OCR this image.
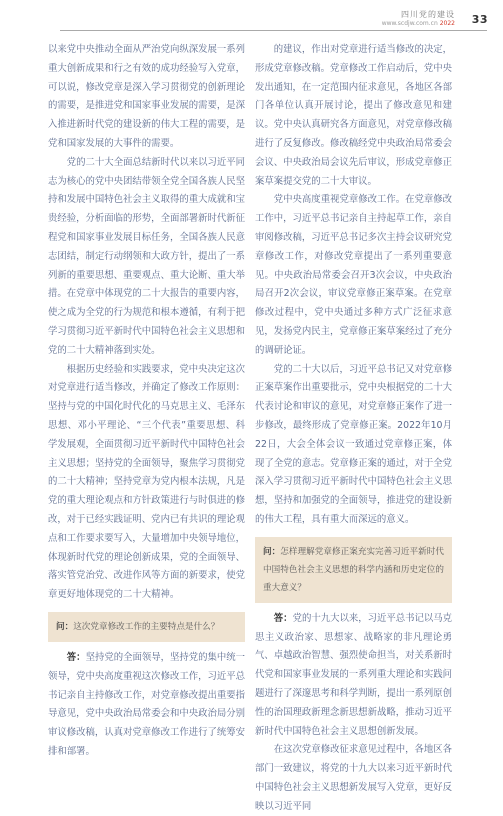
四川党的建设
www.scdjw.com.cn 2022 33

以来党中央推动全面从严治党向纵深发展一系列重大创新成果和行之有效的成功经验写入党章，可以说，修改党章是深入学习贯彻党的创新理论的需要，是推进党和国家事业发展的需要，是深入推进新时代党的建设新的伟大工程的需要，是党和国家发展的大事件的需要。

党的二十大全面总结新时代以来以习近平同志为核心的党中央团结带领全党全国各族人民坚持和发展中国特色社会主义取得的重大成就和宝贵经验，分析面临的形势，全面部署新时代新征程党和国家事业发展目标任务，全国各族人民意志团结，制定行动纲领和大政方针，提出了一系列新的重要思想、重要观点、重大论断、重大举措。在党章中体现党的二十大报告的重要内容，使之成为全党的行为规范和根本遵循，有利于把学习贯彻习近平新时代中国特色社会主义思想和党的二十大精神落到实处。

根据历史经验和实践要求，党中央决定这次对党章进行适当修改，并确定了修改工作原则：坚持与党的中国化时代化的马克思主义、毛泽东思想、邓小平理论、“三个代表”重要思想、科学发展观，全面贯彻习近平新时代中国特色社会主义思想；坚持党的全面领导，聚焦学习贯彻党的二十大精神；坚持党章为党内根本法规，凡是党的重大理论观点和方针政策进行与时俱进的修改，对于已经实践证明、党内已有共识的理论观点和工作要求要写入，大量增加中央领导地位，体现新时代党的理论创新成果，党的全面领导、落实管党治党、改进作风等方面的新要求，使党章更好地体现党的二十大精神。

问：这次党章修改工作的主要特点是什么？

答：坚持党的全面领导，坚持党的集中统一领导，党中央高度重视这次修改工作，习近平总书记亲自主持修改工作，对党章修改提出重要指导意见，党中央政治局常委会和中央政治局分别审议修改稿，认真对党章修改工作进行了统筹安排和部署。

的建议，作出对党章进行适当修改的决定，形成党章修改稿。党章修改工作启动后，党中央发出通知，在一定范围内征求意见，各地区各部门各单位认真开展讨论，提出了修改意见和建议。党中央认真研究各方面意见，对党章修改稿进行了反复修改。修改稿经党中央政治局常委会会议、中央政治局会议先后审议，形成党章修正案草案提交党的二十大审议。

党中央高度重视党章修改工作。在党章修改工作中，习近平总书记亲自主持起草工作，亲自审阅修改稿，习近平总书记多次主持会议研究党章修改工作，对修改党章提出了一系列重要意见。中央政治局常委会召开3次会议，中央政治局召开2次会议，审议党章修正案草案。在党章修改过程中，党中央通过多种方式广泛征求意见，发扬党内民主，党章修正案草案经过了充分的调研论证。

党的二十大以后，习近平总书记又对党章修正案草案作出重要批示，党中央根据党的二十大代表讨论和审议的意见，对党章修正案作了进一步修改，最终形成了党章修正案。2022年10月22日，大会全体会议一致通过党章修正案，体现了全党的意志。党章修正案的通过，对于全党深入学习贯彻习近平新时代中国特色社会主义思想，坚持和加强党的全面领导，推进党的建设新的伟大工程，具有重大而深远的意义。

问：怎样理解党章修正案充实完善习近平新时代中国特色社会主义思想的科学内涵和历史定位的重大意义？

答：党的十九大以来，习近平总书记以马克思主义政治家、思想家、战略家的非凡理论勇气、卓越政治智慧、强烈使命担当，对关系新时代党和国家事业发展的一系列重大理论和实践问题进行了深邃思考和科学判断，提出一系列原创性的治国理政新理念新思想新战略，推动习近平新时代中国特色社会主义思想创新发展。

在这次党章修改征求意见过程中，各地区各部门一致建议，将党的十九大以来习近平新时代中国特色社会主义思想新发展写入党章，更好反映以习近平同
